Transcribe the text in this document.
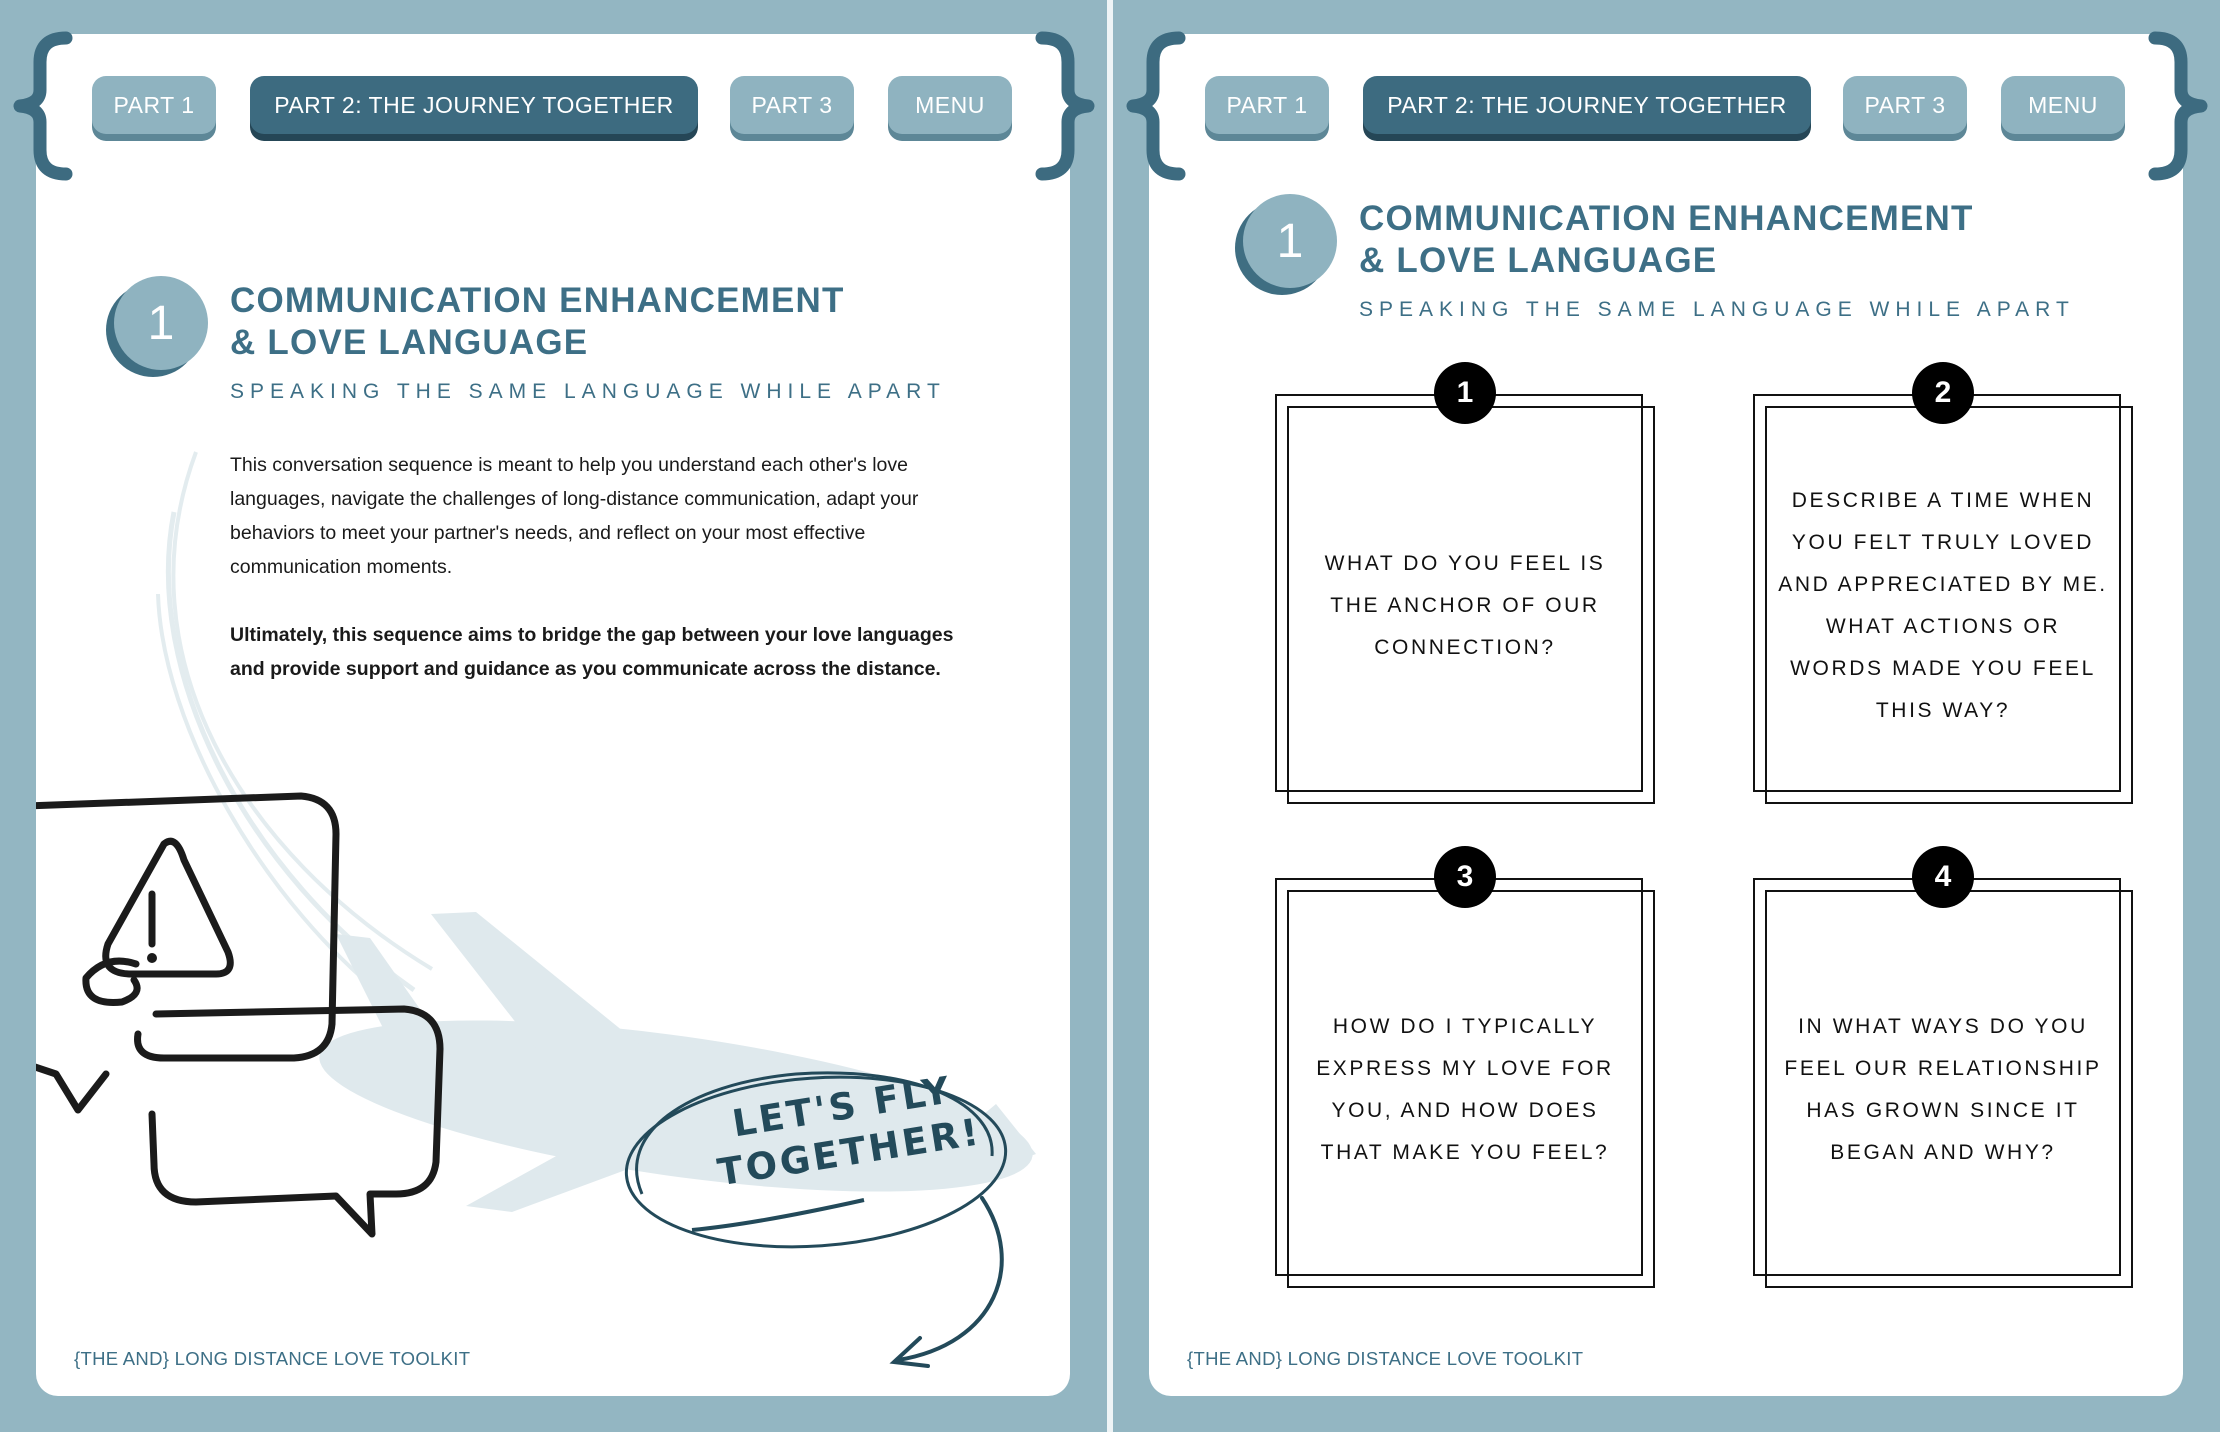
LET'S FLY TOGETHER!
COMMUNICATION ENHANCEMENT
& LOVE LANGUAGE
SPEAKING THE SAME LANGUAGE WHILE APART

This conversation sequence is meant to help you understand each other's love languages, navigate the challenges of long-distance communication, adapt your behaviors to meet your partner's needs, and reflect on your most effective communication moments.

Ultimately, this sequence aims to bridge the gap between your love languages and provide support and guidance as you communicate across the distance.

{THE AND} LONG DISTANCE LOVE TOOLKIT
PART 1	PART 2: THE JOURNEY TOGETHER	PART 3	MENU
1
COMMUNICATION ENHANCEMENT
& LOVE LANGUAGE
SPEAKING THE SAME LANGUAGE WHILE APART
1
WHAT DO YOU FEEL IS THE ANCHOR OF OUR CONNECTION?
2
DESCRIBE A TIME WHEN YOU FELT TRULY LOVED AND APPRECIATED BY ME. WHAT ACTIONS OR WORDS MADE YOU FEEL THIS WAY?
3
HOW DO I TYPICALLY EXPRESS MY LOVE FOR YOU, AND HOW DOES THAT MAKE YOU FEEL?
4
IN WHAT WAYS DO YOU FEEL OUR RELATIONSHIP HAS GROWN SINCE IT BEGAN AND WHY?
{THE AND} LONG DISTANCE LOVE TOOLKIT
PART 1	PART 2: THE JOURNEY TOGETHER	PART 3	MENU
1
